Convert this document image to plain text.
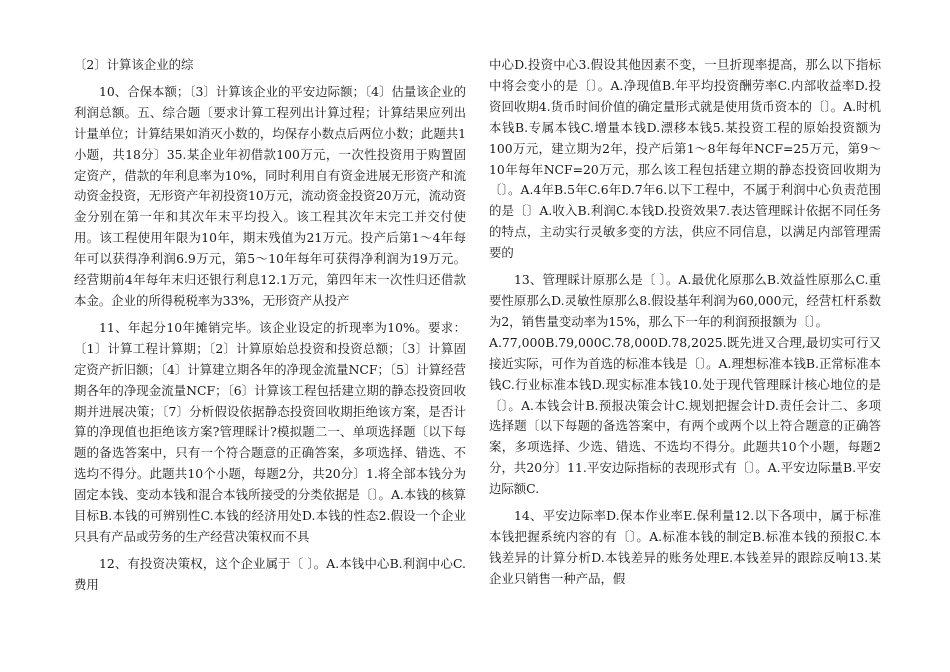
〔2〕计算该企业的综

10、合保本额；〔3〕计算该企业的平安边际额；〔4〕估量该企业的利润总额。五、综合题〔要求计算工程列出计算过程；计算结果应列出计量单位；计算结果如消灭小数的，均保存小数点后两位小数；此题共1小题，共18分〕35.某企业年初借款100万元，一次性投资用于购置固定资产，借款的年利息率为10%，同时利用自有资金进展无形资产和流动资金投资，无形资产年初投资10万元，流动资金投资20万元，流动资金分别在第一年和其次年末平均投入。该工程其次年末完工并交付使用。该工程使用年限为10年，期末残值为21万元。投产后第1～4年每年可以获得净利润6.9万元，第5～10年每年可获得净利润为19万元。经营期前4年每年末归还银行利息12.1万元，第四年末一次性归还借款本金。企业的所得税税率为33%，无形资产从投产

11、年起分10年摊销完毕。该企业设定的折现率为10%。要求：〔1〕计算工程计算期；〔2〕计算原始总投资和投资总额；〔3〕计算固定资产折旧额；〔4〕计算建立期各年的净现金流量NCF；〔5〕计算经营期各年的净现金流量NCF；〔6〕计算该工程包括建立期的静态投资回收期并进展决策；〔7〕分析假设依据静态投资回收期拒绝该方案，是否计算的净现值也拒绝该方案?管理睬计?模拟题二一、单项选择题〔以下每题的备选答案中，只有一个符合题意的正确答案，多项选择、错选、不选均不得分。此题共10个小题，每题2分，共20分〕1.将全部本钱分为固定本钱、变动本钱和混合本钱所接受的分类依据是〔〕。A.本钱的核算目标B.本钱的可辨别性C.本钱的经济用处D.本钱的性态2.假设一个企业只具有产品或劳务的生产经营决策权而不具

12、有投资决策权，这个企业属于〔 〕。A.本钱中心B.利润中心C.费用

中心D.投资中心3.假设其他因素不变，一旦折现率提高，那么以下指标中将会变小的是〔〕。A.净现值B.年平均投资酬劳率C.内部收益率D.投资回收期4.货币时间价值的确定量形式就是使用货币资本的〔〕。A.时机本钱B.专属本钱C.增量本钱D.漂移本钱5.某投资工程的原始投资额为100万元，建立期为2年，投产后第1～8年每年NCF=25万元，第9～10年每年NCF=20万元，那么该工程包括建立期的静态投资回收期为〔〕。A.4年B.5年C.6年D.7年6.以下工程中，不属于利润中心负责范围的是〔〕A.收入B.利润C.本钱D.投资效果7.表达管理睬计依据不同任务的特点，主动实行灵敏多变的方法，供应不同信息，以满足内部管理需要的

13、管理睬计原那么是〔 〕。A.最优化原那么B.效益性原那么C.重要性原那么D.灵敏性原那么8.假设基年利润为60,000元，经营杠杆系数为2，销售量变动率为15%，那么下一年的利润预报额为〔〕。

A.77,000B.79,000C.78,000D.78,2025.既先进又合理,最切实可行又接近实际，可作为首选的标准本钱是〔〕。A.理想标准本钱B.正常标准本钱C.行业标准本钱D.现实标准本钱10.处于现代管理睬计核心地位的是〔〕。A.本钱会计B.预报决策会计C.规划把握会计D.责任会计二、多项选择题〔以下每题的备选答案中，有两个或两个以上符合题意的正确答案，多项选择、少选、错选、不选均不得分。此题共10个小题，每题2分，共20分〕11.平安边际指标的表现形式有〔〕。A.平安边际量B.平安边际额C.

14、平安边际率D.保本作业率E.保利量12.以下各项中，属于标准本钱把握系统内容的有〔〕。A.标准本钱的制定B.标准本钱的预报C.本钱差异的计算分析D.本钱差异的账务处理E.本钱差异的跟踪反响13.某企业只销售一种产品，假
